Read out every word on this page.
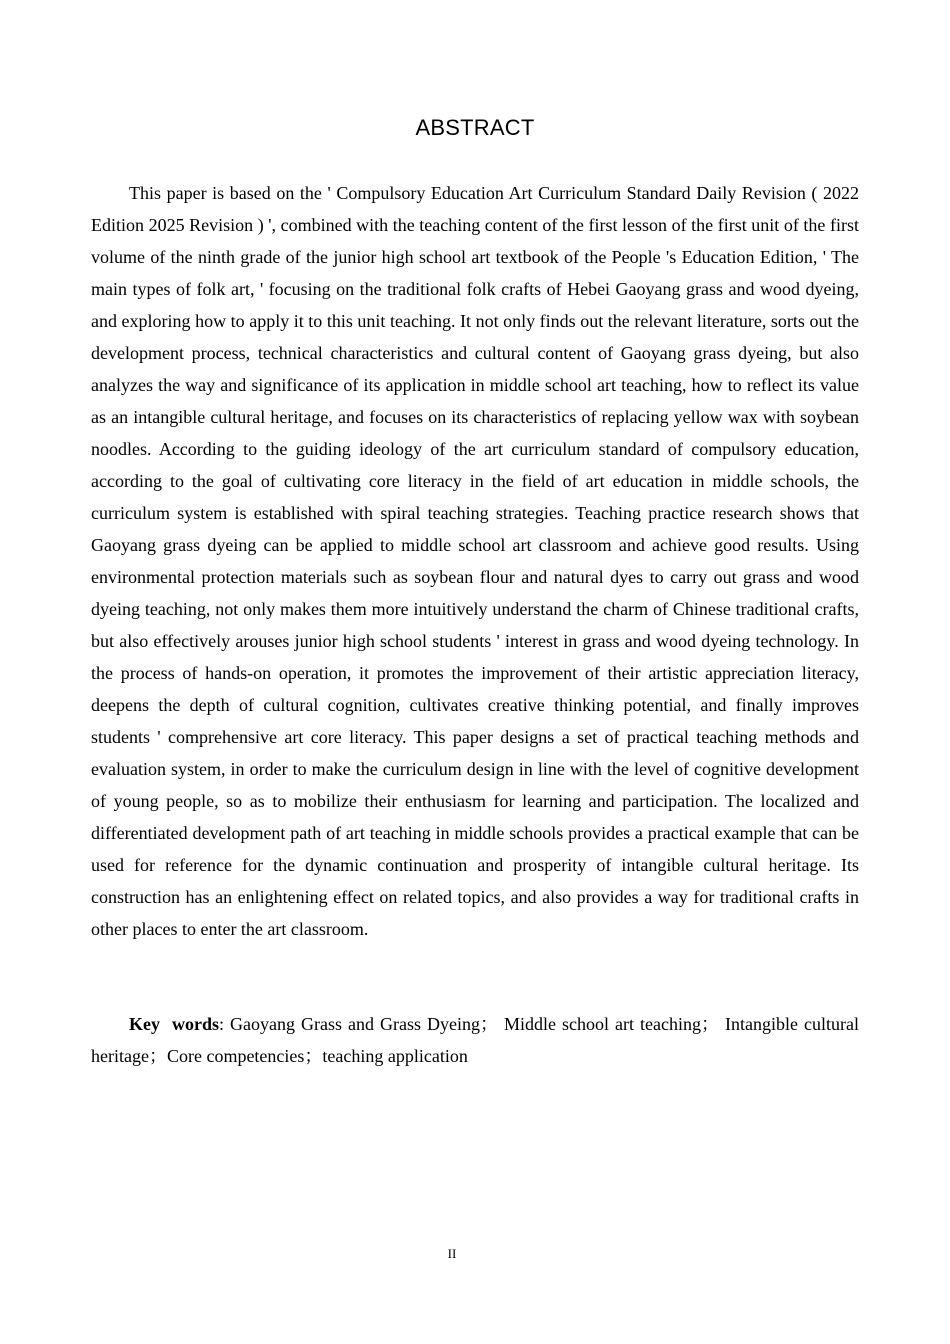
ABSTRACT

This paper is based on the ' Compulsory Education Art Curriculum Standard Daily Revision ( 2022 Edition 2025 Revision ) ', combined with the teaching content of the first lesson of the first unit of the first volume of the ninth grade of the junior high school art textbook of the People 's Education Edition, ' The main types of folk art, ' focusing on the traditional folk crafts of Hebei Gaoyang grass and wood dyeing, and exploring how to apply it to this unit teaching. It not only finds out the relevant literature, sorts out the development process, technical characteristics and cultural content of Gaoyang grass dyeing, but also analyzes the way and significance of its application in middle school art teaching, how to reflect its value as an intangible cultural heritage, and focuses on its characteristics of replacing yellow wax with soybean noodles. According to the guiding ideology of the art curriculum standard of compulsory education, according to the goal of cultivating core literacy in the field of art education in middle schools, the curriculum system is established with spiral teaching strategies. Teaching practice research shows that Gaoyang grass dyeing can be applied to middle school art classroom and achieve good results. Using environmental protection materials such as soybean flour and natural dyes to carry out grass and wood dyeing teaching, not only makes them more intuitively understand the charm of Chinese traditional crafts, but also effectively arouses junior high school students ' interest in grass and wood dyeing technology. In the process of hands-on operation, it promotes the improvement of their artistic appreciation literacy, deepens the depth of cultural cognition, cultivates creative thinking potential, and finally improves students ' comprehensive art core literacy. This paper designs a set of practical teaching methods and evaluation system, in order to make the curriculum design in line with the level of cognitive development of young people, so as to mobilize their enthusiasm for learning and participation. The localized and differentiated development path of art teaching in middle schools provides a practical example that can be used for reference for the dynamic continuation and prosperity of intangible cultural heritage. Its construction has an enlightening effect on related topics, and also provides a way for traditional crafts in other places to enter the art classroom.

Key words: Gaoyang Grass and Grass Dyeing； Middle school art teaching； Intangible cultural heritage；Core competencies；teaching application

II
